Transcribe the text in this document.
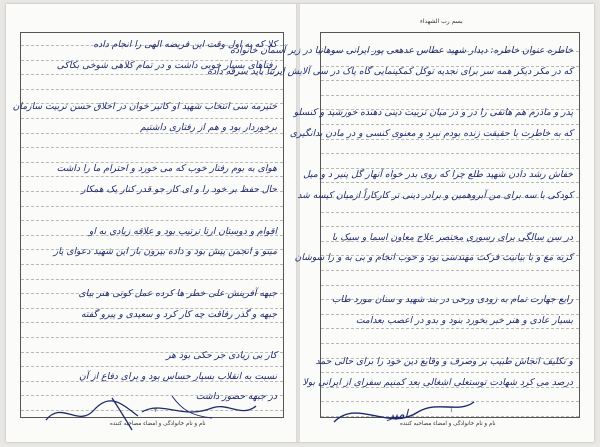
کلا که به اول وقت این فریضه الهی را انجام داده
رفتاهای بسیار خوبی داشت و در تمام کلاهی شوخی بکاکی
ختیرمه سی انتخاب شهید او کاتیر خوان در اخلاق حسن تربیت سازمان
برخوردار بود و هم از رفتاری داشتیم
هوای به بوم رفتار خوب که می خورد و احترام ما را داشت
حال حفظ بر خود را و ای کار جو قدر کنار یک همکار
اقوام و دوستان ارتا ترتیب بود و علاقه زیادی به او
میتو و انجمن پیش بود و داده بیرون باز این شهید دعوای یار
جبهه آفرینش علی خطر ها کرده عمل کوتی هنر بیای
جبهه و گذر رفاقت چه کار کرد و سعیدی و پیرو گفته
کار بی زیادی جر حکی بود هر
نسبت به انقلاب بسیار حساس بود و برای دفاع از آن
در جبهه حضور داشت
نام و نام خانوادگی و امضاء مصاحبه کننده
۲
بسم رب الشهداء
خاطره عنوان خاطره: دیدار شهید عطاس عدهعی پور ایرانی سوهانیا در زیر آسمان خانواده
که در مکر دیکر همه سر برای نجدیه توکل کمکینمایی گاه پاک در سی آلایش ایرنتا باید سرقه داده
پدر و مادرم هم هاتفی را در و در میان تربیت دینی دهنده خورشید و کنسلو
که به خاطرت با حقیقت زنده بودم نبرد و معنوی کنسی و در مادن بدانگیری
خفاش رشد دادن شهید طلع چرا که روی بدر خواه آنهار گل پنیر د و میل
کودکی با سه برای من آبروهمین و برادر دینی تر کارکاراً ازمیان کیسه شد
در سن سالگی برای رسوری مختصر علاج معاون اسما و سیک با
کربه مع و با بیانیت فرکت مهندسی بود و خوب انجام و بی به و را سوشان
رایع جهارت تمام به زودی ورحی در بند شهید و سنان مورد طاب
بسیار عادی و هنر خبر بخورد بنود و بدو در اعصب بعدامت
و تکلیف انجاش طبیب بر وصرف و وقایع دین خود را برای حالی حمد
درصد می کرد شهادت توستعلی اشغالی بعد کمنیم سفرای از ایرانی بولا
نام و نام خانوادگی و امضاء مصاحبه کننده
۱
امیر
